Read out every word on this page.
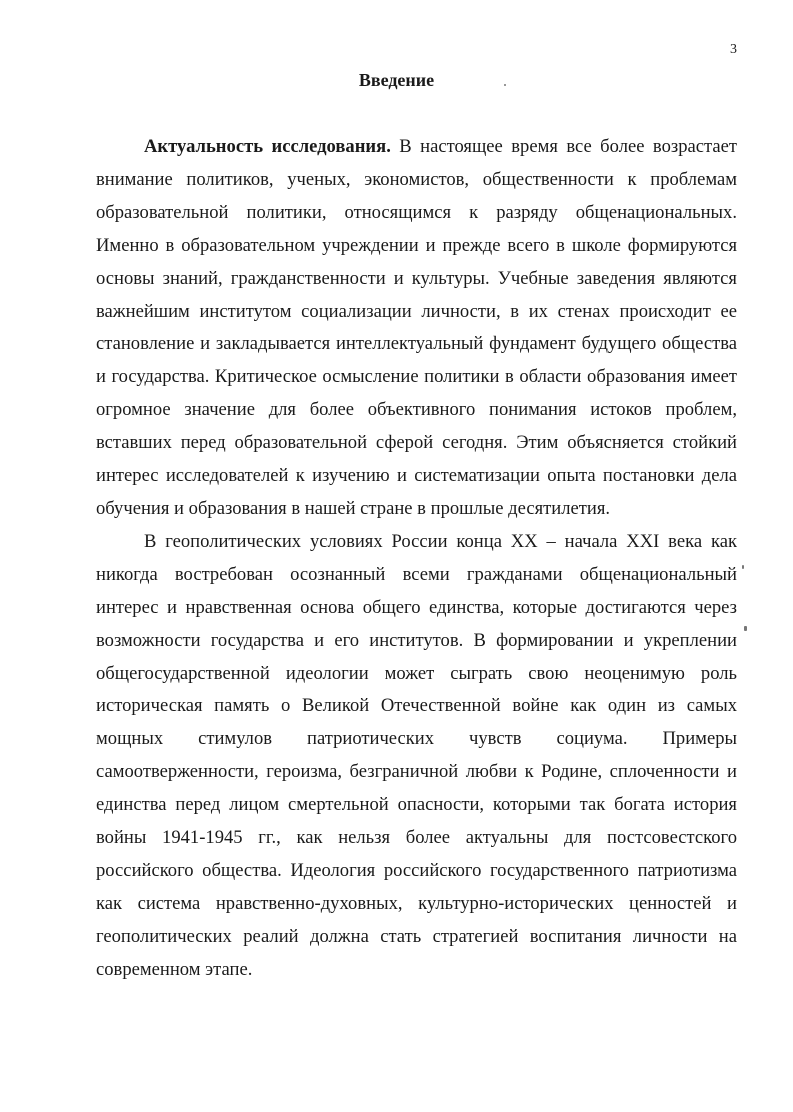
3
Введение

Актуальность исследования. В настоящее время все более возрастает внимание политиков, ученых, экономистов, общественности к проблемам образовательной политики, относящимся к разряду общенациональных. Именно в образовательном учреждении и прежде всего в школе формируются основы знаний, гражданственности и культуры. Учебные заведения являются важнейшим институтом социализации личности, в их стенах происходит ее становление и закладывается интеллектуальный фундамент будущего общества и государства. Критическое осмысление политики в области образования имеет огромное значение для более объективного понимания истоков проблем, вставших перед образовательной сферой сегодня. Этим объясняется стойкий интерес исследователей к изучению и систематизации опыта постановки дела обучения и образования в нашей стране в прошлые десятилетия.

В геополитических условиях России конца XX – начала XXI века как никогда востребован осознанный всеми гражданами общенациональный интерес и нравственная основа общего единства, которые достигаются через возможности государства и его институтов. В формировании и укреплении общегосударственной идеологии может сыграть свою неоценимую роль историческая память о Великой Отечественной войне как один из самых мощных стимулов патриотических чувств социума. Примеры самоотверженности, героизма, безграничной любви к Родине, сплоченности и единства перед лицом смертельной опасности, которыми так богата история войны 1941-1945 гг., как нельзя более актуальны для постсовестского российского общества. Идеология российского государственного патриотизма как система нравственно-духовных, культурно-исторических ценностей и геополитических реалий должна стать стратегией воспитания личности на современном этапе.
